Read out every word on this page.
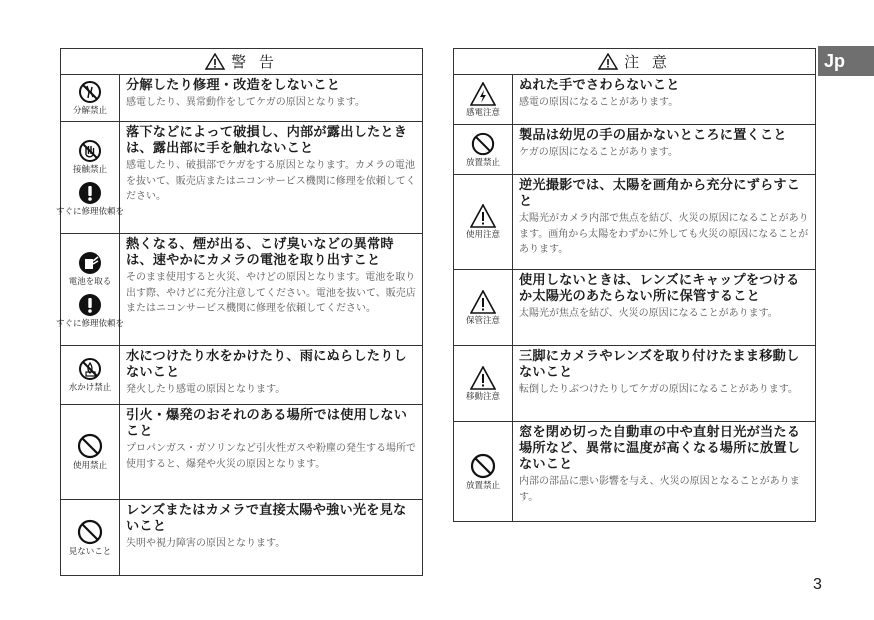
警 告
分解禁止
分解したり修理・改造をしないこと
感電したり、異常動作をしてケガの原因となります。
接触禁止
すぐに修理依頼を
落下などによって破損し、内部が露出したときは、露出部に手を触れないこと
感電したり、破損部でケガをする原因となります。カメラの電池を抜いて、販売店またはニコンサービス機関に修理を依頼してください。
電池を取る
すぐに修理依頼を
熱くなる、煙が出る、こげ臭いなどの異常時は、速やかにカメラの電池を取り出すこと
そのまま使用すると火災、やけどの原因となります。電池を取り出す際、やけどに充分注意してください。電池を抜いて、販売店またはニコンサービス機関に修理を依頼してください。
水かけ禁止
水につけたり水をかけたり、雨にぬらしたりしないこと
発火したり感電の原因となります。
使用禁止
引火・爆発のおそれのある場所では使用しないこと
プロパンガス・ガソリンなど引火性ガスや粉塵の発生する場所で使用すると、爆発や火災の原因となります。
見ないこと
レンズまたはカメラで直接太陽や強い光を見ないこと
失明や視力障害の原因となります。
注 意
感電注意
ぬれた手でさわらないこと
感電の原因になることがあります。
放置禁止
製品は幼児の手の届かないところに置くこと
ケガの原因になることがあります。
使用注意
逆光撮影では、太陽を画角から充分にずらすこと
太陽光がカメラ内部で焦点を結び、火災の原因になることがあります。画角から太陽をわずかに外しても火災の原因になることがあります。
保管注意
使用しないときは、レンズにキャップをつけるか太陽光のあたらない所に保管すること
太陽光が焦点を結び、火災の原因になることがあります。
移動注意
三脚にカメラやレンズを取り付けたまま移動しないこと
転倒したりぶつけたりしてケガの原因になることがあります。
放置禁止
窓を閉め切った自動車の中や直射日光が当たる場所など、異常に温度が高くなる場所に放置しないこと
内部の部品に悪い影響を与え、火災の原因となることがあります。
Jp
3
